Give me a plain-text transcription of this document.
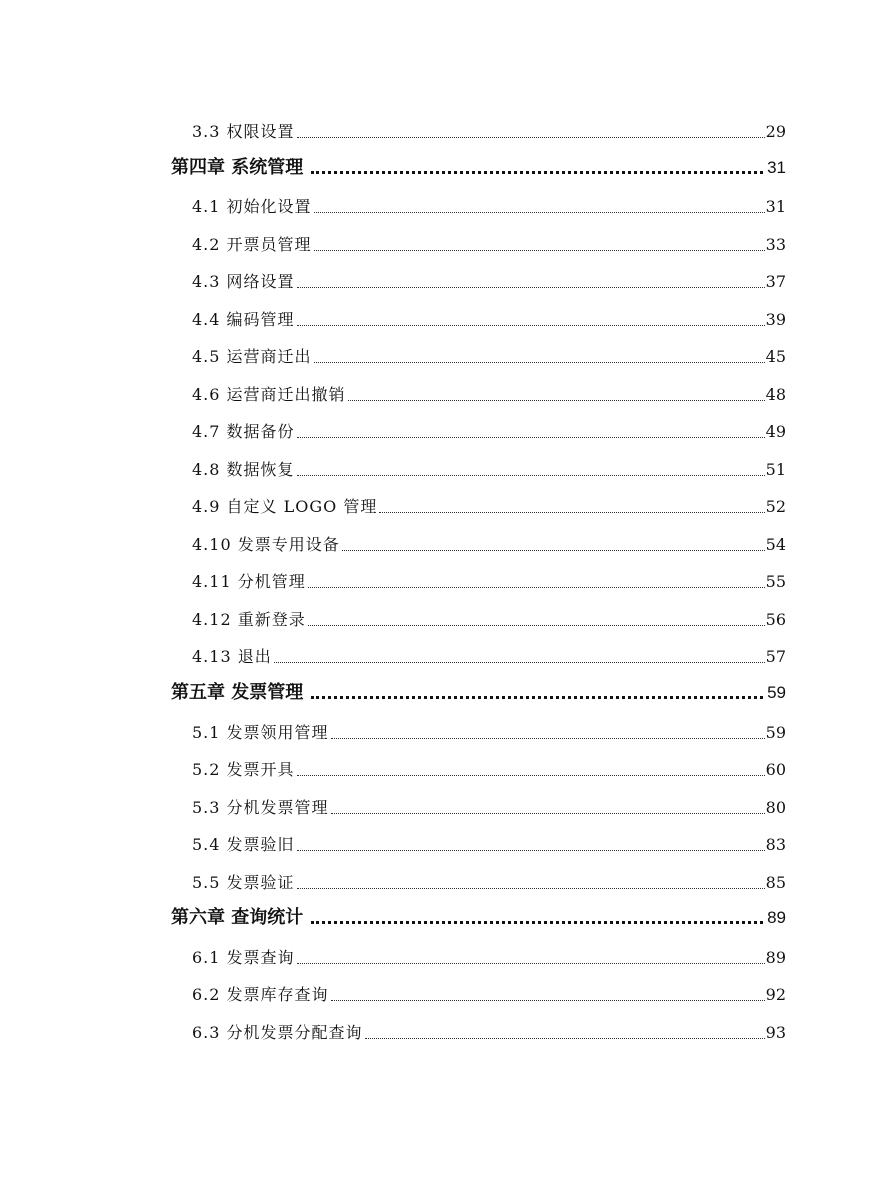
3.3 权限设置	29
第四章 系统管理	31
4.1 初始化设置	31
4.2 开票员管理	33
4.3 网络设置	37
4.4 编码管理	39
4.5 运营商迁出	45
4.6 运营商迁出撤销	48
4.7 数据备份	49
4.8 数据恢复	51
4.9 自定义 LOGO 管理	52
4.10 发票专用设备	54
4.11 分机管理	55
4.12 重新登录	56
4.13 退出	57
第五章 发票管理	59
5.1 发票领用管理	59
5.2 发票开具	60
5.3 分机发票管理	80
5.4 发票验旧	83
5.5 发票验证	85
第六章 查询统计	89
6.1 发票查询	89
6.2 发票库存查询	92
6.3 分机发票分配查询	93
